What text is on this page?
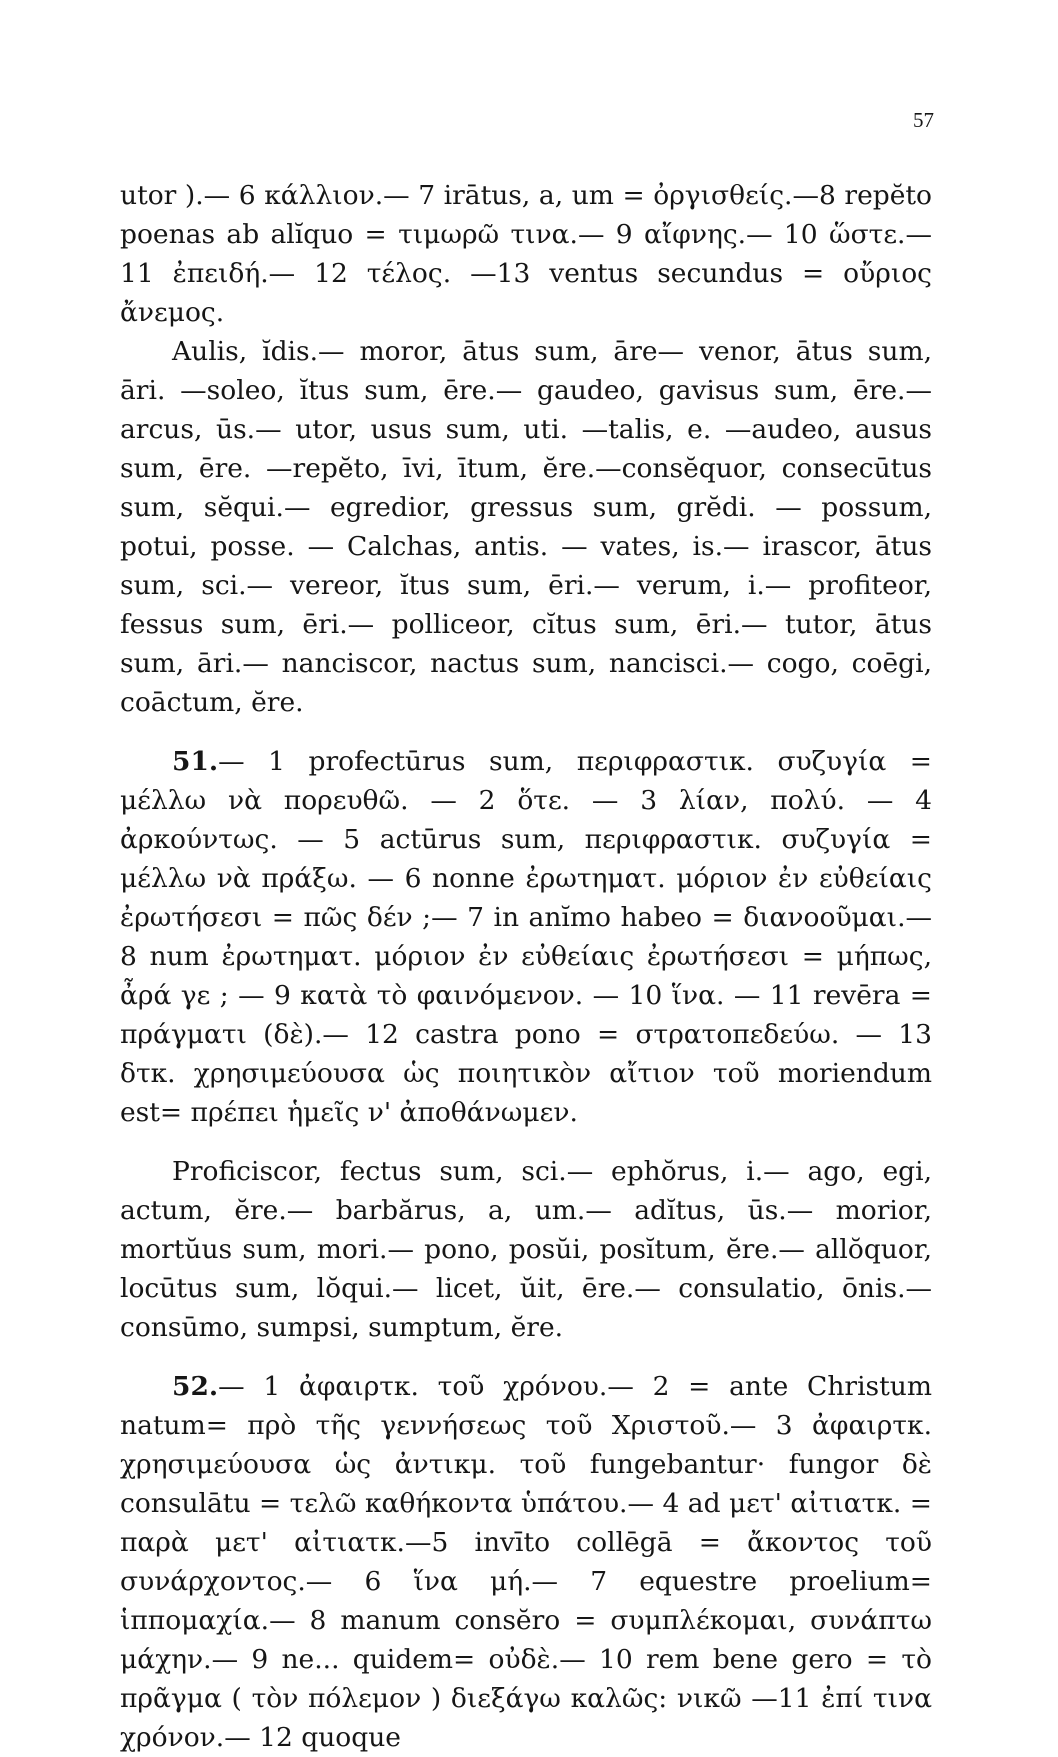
57

utor ).— 6 κάλλιον.— 7 irātus, a, um = ὀργισθείς.—8 repĕto poenas ab alĭquo = τιμωρῶ τινα.— 9 αἴφνης.— 10 ὥστε.— 11 ἐπειδή.— 12 τέλος. —13 ventus secundus = οὔριος ἄνεμος.

Aulis, ĭdis.— moror, ātus sum, āre— venor, ātus sum, āri. —soleo, ĭtus sum, ēre.— gaudeo, gavisus sum, ēre.— arcus, ūs.— utor, usus sum, uti. —talis, e. —audeo, ausus sum, ēre. —repĕto, īvi, ītum, ĕre.—consĕquor, consecūtus sum, sĕqui.— egredior, gressus sum, grĕdi. — possum, potui, posse. — Calchas, antis. — vates, is.— irascor, ātus sum, sci.— vereor, ĭtus sum, ēri.— verum, i.— profiteor, fessus sum, ēri.— polliceor, cĭtus sum, ēri.— tutor, ātus sum, āri.— nanciscor, nactus sum, nancisci.— cogo, coēgi, coāctum, ĕre.

51.— 1 profectūrus sum, περιφραστικ. συζυγία = μέλλω νὰ πορευθῶ. — 2 ὅτε. — 3 λίαν, πολύ. — 4 ἀρκούντως. — 5 actūrus sum, περιφραστικ. συζυγία = μέλλω νὰ πράξω. — 6 nonne ἐρωτηματ. μόριον ἐν εὐθείαις ἐρωτήσεσι = πῶς δέν ;— 7 in anĭmo habeo = διανοοῦμαι.— 8 num ἐρωτηματ. μόριον ἐν εὐθείαις ἐρωτήσεσι = μήπως, ἆρά γε ; — 9 κατὰ τὸ φαινόμενον. — 10 ἵνα. — 11 revēra = πράγματι (δὲ).— 12 castra pono = στρατοπεδεύω. — 13 δτκ. χρησιμεύουσα ὡς ποιητικὸν αἴτιον τοῦ moriendum est= πρέπει ἡμεῖς ν' ἀποθάνωμεν.

Proficiscor, fectus sum, sci.— ephŏrus, i.— ago, egi, actum, ĕre.— barbărus, a, um.— adĭtus, ūs.— morior, mortŭus sum, mori.— pono, posŭi, posĭtum, ĕre.— allŏquor, locūtus sum, lŏqui.— licet, ŭit, ēre.— consulatio, ōnis.— consūmo, sumpsi, sumptum, ĕre.

52.— 1 ἀφαιρτκ. τοῦ χρόνου.— 2 = ante Christum natum= πρὸ τῆς γεννήσεως τοῦ Χριστοῦ.— 3 ἀφαιρτκ. χρησιμεύουσα ὡς ἀντικμ. τοῦ fungebantur· fungor δὲ consulātu = τελῶ καθήκοντα ὑπάτου.— 4 ad μετ' αἰτιατκ. = παρὰ μετ' αἰτιατκ.—5 invīto collēgā = ἄκοντος τοῦ συνάρχοντος.— 6 ἵνα μή.— 7 equestre proelium= ἱππομαχία.— 8 manum consĕro = συμπλέκομαι, συνάπτω μάχην.— 9 ne... quidem= οὐδὲ.— 10 rem bene gero = τὸ πρᾶγμα ( τὸν πόλεμον ) διεξάγω καλῶς: νικῶ —11 ἐπί τινα χρόνον.— 12 quoque
